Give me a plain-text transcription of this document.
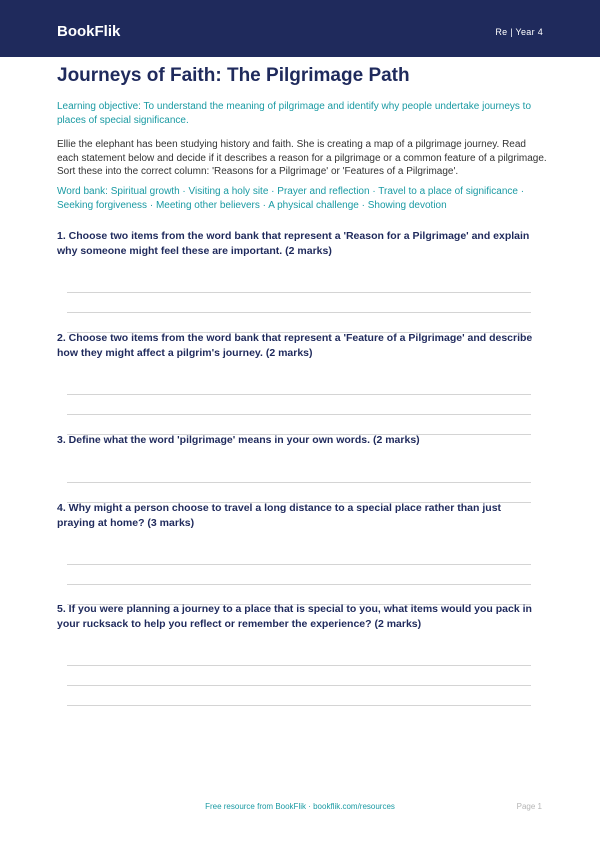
BookFlik	Re | Year 4
Journeys of Faith: The Pilgrimage Path

Learning objective: To understand the meaning of pilgrimage and identify why people undertake journeys to places of special significance.

Ellie the elephant has been studying history and faith. She is creating a map of a pilgrimage journey. Read each statement below and decide if it describes a reason for a pilgrimage or a common feature of a pilgrimage. Sort these into the correct column: 'Reasons for a Pilgrimage' or 'Features of a Pilgrimage'.

Word bank: Spiritual growth · Visiting a holy site · Prayer and reflection · Travel to a place of significance · Seeking forgiveness · Meeting other believers · A physical challenge · Showing devotion

1. Choose two items from the word bank that represent a 'Reason for a Pilgrimage' and explain why someone might feel these are important. (2 marks)

2. Choose two items from the word bank that represent a 'Feature of a Pilgrimage' and describe how they might affect a pilgrim's journey. (2 marks)

3. Define what the word 'pilgrimage' means in your own words. (2 marks)

4. Why might a person choose to travel a long distance to a special place rather than just praying at home? (3 marks)

5. If you were planning a journey to a place that is special to you, what items would you pack in your rucksack to help you reflect or remember the experience? (2 marks)

Free resource from BookFlik · bookflik.com/resources	Page 1
